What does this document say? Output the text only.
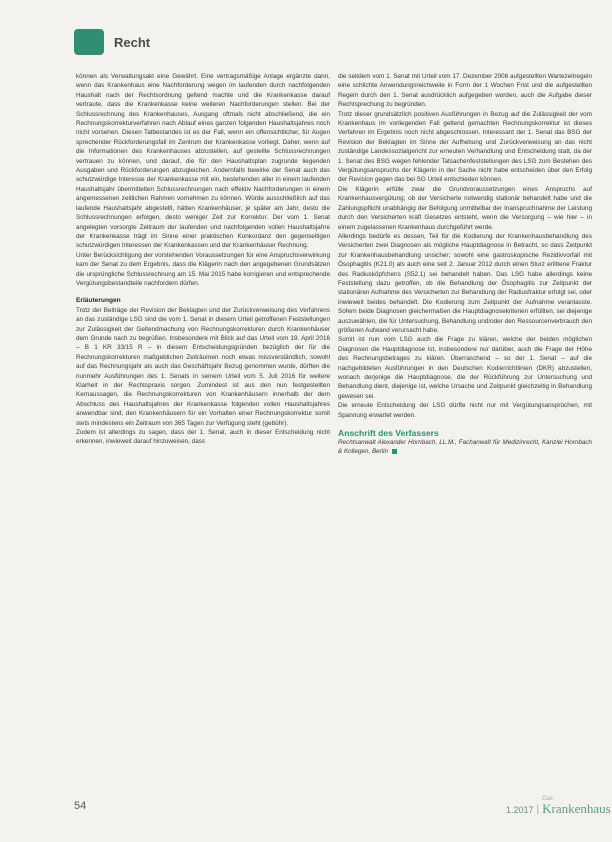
Recht

können als Verwaltungsakt eine Gewährt. Eine vertragsmäßige Anlage ergänzte dann, wenn das Krankenhaus eine Nachforderung wegen im laufenden durch nachfolgenden Haushalt nach der Rechtsordnung geltend machte und die Krankenkasse darauf vertraute, dass die Krankenkasse keine weiteren Nachforderungen stellen. Bei der Schlussrechnung des Krankenhauses, Ausgang oftmals nicht abschließend, die ein Rechnungskorrekturverfahren nach Ablauf eines ganzen folgenden Haushaltsjahres noch nicht vorsehen. Diesen Tatbestandes ist es der Fall, wenn ein offensichtlicher, für Augen sprechender Rückforderungsfall im Zentrum der Krankenkasse vorliegt. Daher, wenn auf die Informationen des Krankenhauses abzustellen, auf gestellte Schlussrechnungen vertrauen zu können, und darauf, die für den Haushaltsplan zugrunde liegenden Ausgaben und Rückforderungen abzugleichen. Andernfalls bewirke der Senat auch das schutzwürdige Interesse der Krankenkasse mit ein, bestehenden aller in einem laufenden Haushaltsjahr übermittelten Schlussrechnungen nach effektiv Nachforderungen in einem angemessenen zeitlichen Rahmen vornehmen zu können. Würde ausschließlich auf das laufende Haushaltsjahr abgestellt, hätten Krankenhäuser, je später am Jahr, desto die Schlussrechnungen erfolgen, desto weniger Zeit zur Korrektur. Der vom 1. Senat angelegten vorsorgte Zeitraum der laufenden und nachfolgenden vollen Haushaltsjahre der Krankenkasse trägt im Sinne einer praktischen Konkordanz den gegenseitigen schutzwürdigen Interessen der Krankenkassen und der Krankenhäuser Rechnung.

Unter Berücksichtigung der vorstehenden Voraussetzungen für eine Anspruchsverwirkung kam der Senat zu dem Ergebnis, dass die Klägerin nach den angegebenen Grundsätzen die ursprüngliche Schlussrechnung am 15. Mai 2015 habe korrigieren und entsprechende Vergütungsbestandteile nachfordern dürfen.

Erläuterungen

Trotz der Beiträge der Revision der Beklagten und der Zurückverweisung des Verfahrens an das zuständige LSG sind die vom 1. Senat in diesem Urteil getroffenen Feststellungen zur Zulässigkeit der Geltendmachung von Rechnungskorrekturen durch Krankenhäuser dem Grunde nach zu begrüßen. Insbesondere mit Blick auf das Urteil vom 19. April 2016 – B 1 KR 33/15 R – in diesem Entscheidungsgründen bezüglich der für die Rechnungskorrekturen maßgeblichen Zeiträumen noch etwas missverständlich, sowohl auf das Rechnungsjahr als auch das Geschäftsjahr Bezug genommen wurde, dürften die nunmehr Ausführungen des 1. Senats in seinem Urteil vom 5. Juli 2016 für weitere Klarheit in der Rechtspraxis sorgen. Zumindest ist aus den nun festgestellten Kernaussagen, die Rechnungskorrekturen von Krankenhäusern innerhalb der dem Abschluss des Haushaltsjahres der Krankenkasse folgenden vollen Haushaltsjahres anwendbar sind, den Krankenhäusern für ein Vorhalten einer Rechnungskorrektur somit stets mindestens ein Zeitraum von 365 Tagen zur Verfügung steht (gebühr).

Zudem ist allerdings zu sagen, dass der 1. Senat, auch in dieser Entscheidung nicht erkennen, inwieweit darauf hinzuweisen, dass

die seitdem vom 1. Senat mit Urteil vom 17. Dezember 2008 aufgestellten Wartezeitregeln eine schlichte Anwendungsreichweite in Form der 1 Wochen Frist und die aufgestellten Regeln durch den 1. Senat ausdrücklich aufgegeben worden, auch die Aufgabe dieser Rechtsprechung zu begründen.

Trotz dieser grundsätzlich positiven Ausführungen in Bezug auf die Zulässigkeit der vom Krankenhaus im vorliegenden Fall geltend gemachten Rechnungskorrektur ist dieses Verfahren im Ergebnis noch nicht abgeschlossen. Interessant der 1. Senat das BSG der Revision der Beklagten im Sinne der Aufhebung und Zurückverweisung an das nicht zuständige Landessozialgericht zur erneuten Verhandlung und Entscheidung statt, da der 1. Senat des BSG wegen fehlender Tatsachenfeststellungen des LSG zum Bestehen des Vergütungsanspruchs der Klägerin in der Sache nicht habe entscheiden über den Erfolg der Revision gegen das bei SG Urteil entschieden können.

Die Klägerin erfülle zwar die Grundvoraussetzungen eines Anspruchs auf Krankenhausvergütung; ob der Versicherte notwendig stationär behandelt habe und die Zahlungspflicht unabhängig der Befolgung unmittelbar der Inanspruchnahme der Leistung durch den Versicherten kraft Gesetzes entsteht, wenn die Versorgung – wie hier – in einem zugelassenen Krankenhaus durchgeführt werde.

Allerdings bedürfe es dessen, Teil für die Kodierung der Krankenhausbehandlung des Versicherten zwei Diagnosen als mögliche Hauptdiagnose in Betracht, so dass Zeitpunkt zur Krankenhausbehandlung unsicher; sowohl eine gastroskopische Rezidivvorfall mit Ösophagitis (K21.0) als auch eine seit 2. Januar 2012 durch einen Sturz erlittene Fraktur des Radiusköpfchens (S52.1) sei behandelt haben. Das LSG habe allerdings keine Feststellung dazu getroffen, ob die Behandlung der Ösophagitis zur Zeitpunkt der stationären Aufnahme des Versicherten zur Behandlung der Radiusfraktur erfolgt sei, oder inwieweit beides behandelt. Die Kodierung zum Zeitpunkt der Aufnahme veranlasste. Sofern beide Diagnosen gleichermaßen die Hauptdiagnosekriterien erfüllten, sei diejenige auszuwählen, die für Untersuchung, Behandlung und/oder den Ressourcenverbrauch den größeren Aufwand verursacht habe.

Somit ist nun vom LSG auch die Frage zu klären, welche der beiden möglichen Diagnosen die Hauptdiagnose ist, insbesondere nur darüber, auch die Frage der Höhe des Rechnungsbetrages zu klären. Überraschend – so der 1. Senat – auf die nachgebildeten Ausführungen in den Deutschen Kodierrichtlinien (DKR) abzustellen, wonach derjenige die Hauptdiagnose, die der Rückführung zur Untersuchung und Behandlung dient, diejenige ist, welche Ursache und Zeitpunkt gleichzeitig in Behandlung gewesen sei.

Die erneute Entscheidung der LSG dürfte nicht nur mit Vergütungsansprüchen, mit Spannung erwartet werden.

Anschrift des Verfassers
Rechtsanwalt Alexander Hornbach, LL.M., Fachanwalt für Medizinrecht, Kanzlei Hornbach & Kollegen, Berlin
54	1.2017 |
Das
Krankenhaus
